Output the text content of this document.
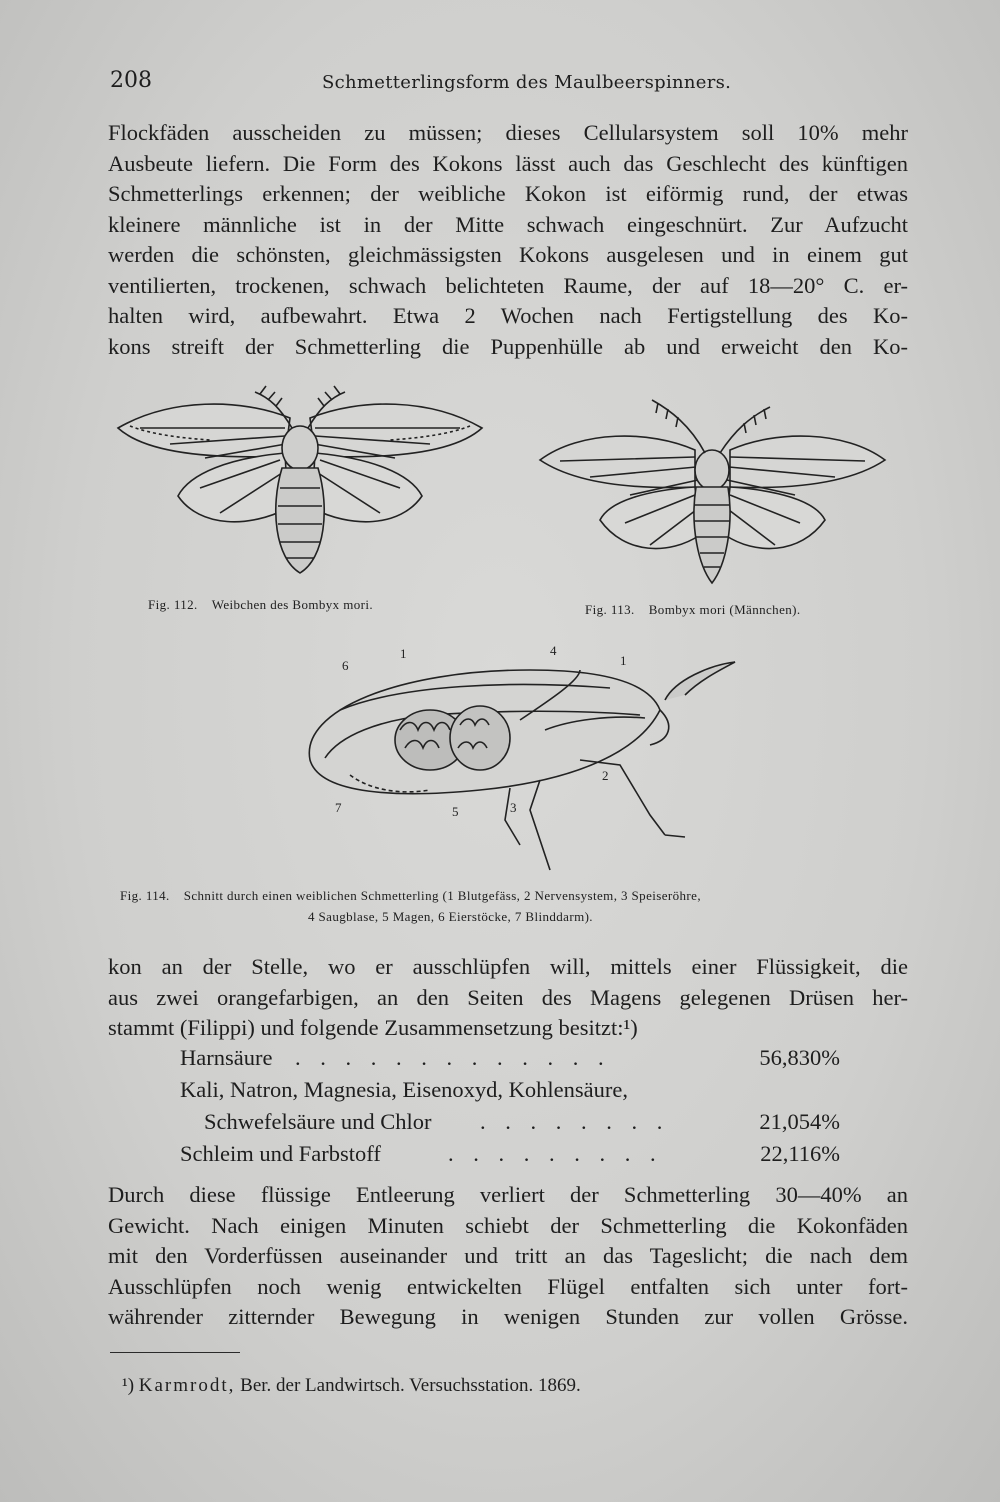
208	Schmetterlingsform des Maulbeerspinners.
Flockfäden ausscheiden zu müssen; dieses Cellularsystem soll 10% mehr
Ausbeute liefern. Die Form des Kokons lässt auch das Geschlecht des künftigen
Schmetterlings erkennen; der weibliche Kokon ist eiförmig rund, der etwas
kleinere männliche ist in der Mitte schwach eingeschnürt. Zur Aufzucht
werden die schönsten, gleichmässigsten Kokons ausgelesen und in einem gut
ventilierten, trockenen, schwach belichteten Raume, der auf 18—20° C. er-
halten wird, aufbewahrt. Etwa 2 Wochen nach Fertigstellung des Ko-
kons streift der Schmetterling die Puppenhülle ab und erweicht den Ko-
Fig. 112. Weibchen des Bombyx mori.	Fig. 113. Bombyx mori (Männchen).
1	4
1
6
2
3
5
7
Fig. 114. Schnitt durch einen weiblichen Schmetterling (1 Blutgefäss, 2 Nervensystem, 3 Speiseröhre,
4 Saugblase, 5 Magen, 6 Eierstöcke, 7 Blinddarm).
kon an der Stelle, wo er ausschlüpfen will, mittels einer Flüssigkeit, die
aus zwei orangefarbigen, an den Seiten des Magens gelegenen Drüsen her-
stammt (Filippi) und folgende Zusammensetzung besitzt:¹)
Harnsäure . . . . . . . . . . . . .	56,830%
Kali, Natron, Magnesia, Eisenoxyd, Kohlensäure,
Schwefelsäure und Chlor . . . . . . . .	21,054%
Schleim und Farbstoff	. . . . . . . . .	22,116%
Durch diese flüssige Entleerung verliert der Schmetterling 30—40% an
Gewicht. Nach einigen Minuten schiebt der Schmetterling die Kokonfäden
mit den Vorderfüssen auseinander und tritt an das Tageslicht; die nach dem
Ausschlüpfen noch wenig entwickelten Flügel entfalten sich unter fort-
währender zitternder Bewegung in wenigen Stunden zur vollen Grösse.
¹) Karmrodt, Ber. der Landwirtsch. Versuchsstation. 1869.
